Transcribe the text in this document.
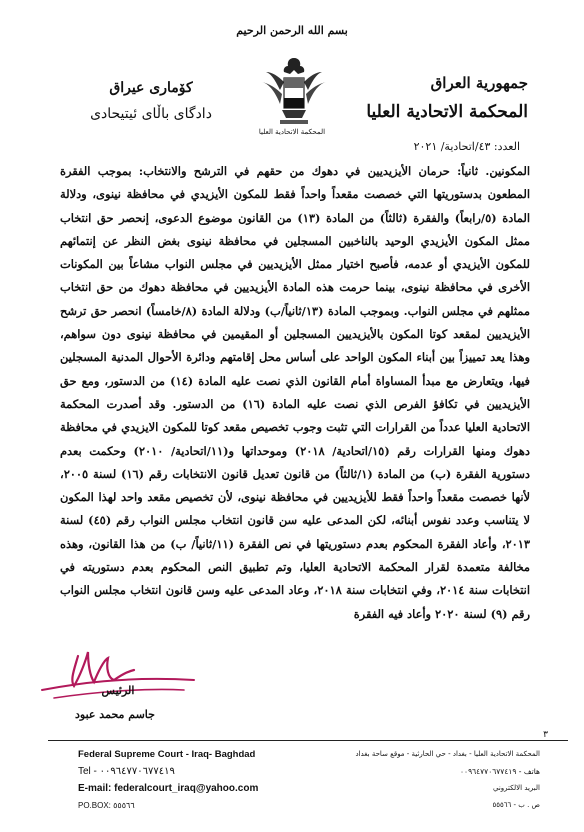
بسم الله الرحمن الرحيم
جمهورية العراق
المحكمة الاتحادية العليا
المحكمة الاتحادية العليا
كۆماری عیراق
دادگای باڵای ئیتیحادی
العدد: ٤٣/اتحادية/ ٢٠٢١
المكونين. ثانياً: حرمان الأيزيديين في دهوك من حقهم في الترشح والانتخاب: بموجب الفقرة المطعون بدستوريتها التي خصصت مقعداً واحداً فقط للمكون الأيزيدي في محافظة نينوى، ودلالة المادة (٥/رابعاً) والفقرة (ثالثاً) من المادة (١٣) من القانون موضوع الدعوى، إنحصر حق انتخاب ممثل المكون الأيزيدي الوحيد بالناخبين المسجلين في محافظة نينوى بغض النظر عن إنتمائهم للمكون الأيزيدي أو عدمه، فأصبح اختيار ممثل الأيزيديين في مجلس النواب مشاعاً بين المكونات الأخرى في محافظة نينوى، بينما حرمت هذه المادة الأيزيديين في محافظة دهوك من حق انتخاب ممثلهم في مجلس النواب. وبموجب المادة (١٣/ثانياً/ب) ودلالة المادة (٨/خامساً) انحصر حق ترشح الأيزيديين لمقعد كوتا المكون بالأيزيديين المسجلين أو المقيمين في محافظة نينوى دون سواهم، وهذا يعد تمييزاً بين أبناء المكون الواحد على أساس محل إقامتهم ودائرة الأحوال المدنية المسجلين فيها، ويتعارض مع مبدأ المساواة أمام القانون الذي نصت عليه المادة (١٤) من الدستور، ومع حق الأيزيديين في تكافؤ الفرص الذي نصت عليه المادة (١٦) من الدستور. وقد أصدرت المحكمة الاتحادية العليا عدداً من القرارات التي تثبت وجوب تخصيص مقعد كوتا للمكون الايزيدي في محافظة دهوك ومنها القرارات رقم (١٥/اتحادية/ ٢٠١٨) وموحداتها و(١١/اتحادية/ ٢٠١٠) وحكمت بعدم دستورية الفقرة (ب) من المادة (١/ثالثاً) من قانون تعديل قانون الانتخابات رقم (١٦) لسنة ٢٠٠٥، لأنها خصصت مقعداً واحداً فقط للأيزيديين في محافظة نينوى، لأن تخصيص مقعد واحد لهذا المكون لا يتناسب وعدد نفوس أبنائه، لكن المدعى عليه سن قانون انتخاب مجلس النواب رقم (٤٥) لسنة ٢٠١٣، وأعاد الفقرة المحكوم بعدم دستوريتها في نص الفقرة (١١/ثانياً/ ب) من هذا القانون، وهذه مخالفة متعمدة لقرار المحكمة الاتحادية العليا، وتم تطبيق النص المحكوم بعدم دستوريته في انتخابات سنة ٢٠١٤، وفي انتخابات سنة ٢٠١٨، وعاد المدعى عليه وسن قانون انتخاب مجلس النواب رقم (٩) لسنة ٢٠٢٠ وأعاد فيه الفقرة
الرئيس
جاسم محمد عبود
٣
Federal Supreme Court - Iraq- Baghdad
Tel - ٠٠٩٦٤٧٧٠٦٧٧٤١٩
E-mail: federalcourt_iraq@yahoo.com
PO.BOX: ٥٥٥٦٦
المحكمة الاتحادية العليا - بغداد - حي الحارثية - موقع ساحة بغداد
هاتف - ٠٠٩٦٤٧٧٠٦٧٧٤١٩
البريد الالكتروني
ص . ب - ٥٥٥٦٦
